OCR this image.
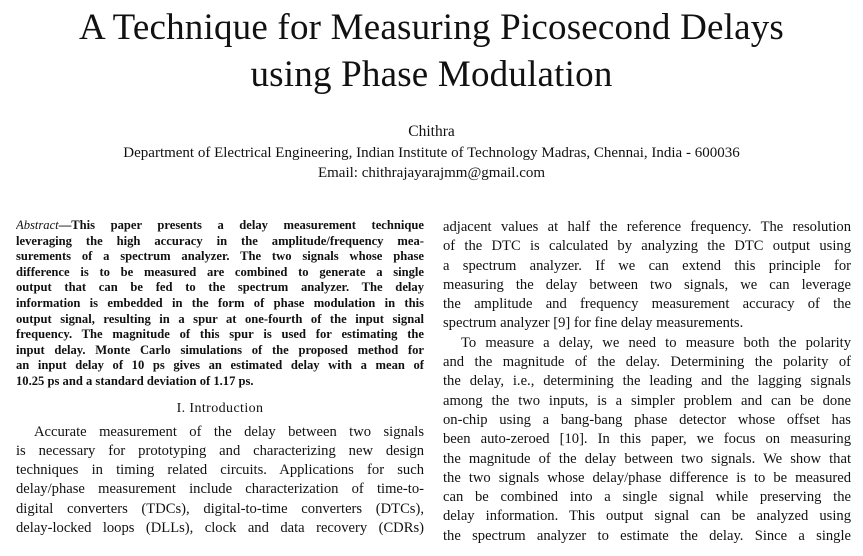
A Technique for Measuring Picosecond Delays
using Phase Modulation
Chithra
Department of Electrical Engineering, Indian Institute of Technology Madras, Chennai, India - 600036
Email: chithrajayarajmm@gmail.com
Abstract—This paper presents a delay measurement technique
leveraging the high accuracy in the amplitude/frequency mea-
surements of a spectrum analyzer. The two signals whose phase
difference is to be measured are combined to generate a single
output that can be fed to the spectrum analyzer. The delay
information is embedded in the form of phase modulation in this
output signal, resulting in a spur at one-fourth of the input signal
frequency. The magnitude of this spur is used for estimating the
input delay. Monte Carlo simulations of the proposed method for
an input delay of 10 ps gives an estimated delay with a mean of
10.25 ps and a standard deviation of 1.17 ps.
I. Introduction
Accurate measurement of the delay between two signals
is necessary for prototyping and characterizing new design
techniques in timing related circuits. Applications for such
delay/phase measurement include characterization of time-to-
digital converters (TDCs), digital-to-time converters (DTCs),
delay-locked loops (DLLs), clock and data recovery (CDRs)
adjacent values at half the reference frequency. The resolution
of the DTC is calculated by analyzing the DTC output using
a spectrum analyzer. If we can extend this principle for
measuring the delay between two signals, we can leverage
the amplitude and frequency measurement accuracy of the
spectrum analyzer [9] for fine delay measurements.
To measure a delay, we need to measure both the polarity
and the magnitude of the delay. Determining the polarity of
the delay, i.e., determining the leading and the lagging signals
among the two inputs, is a simpler problem and can be done
on-chip using a bang-bang phase detector whose offset has
been auto-zeroed [10]. In this paper, we focus on measuring
the magnitude of the delay between two signals. We show that
the two signals whose delay/phase difference is to be measured
can be combined into a single signal while preserving the
delay information. This output signal can be analyzed using
the spectrum analyzer to estimate the delay. Since a single
